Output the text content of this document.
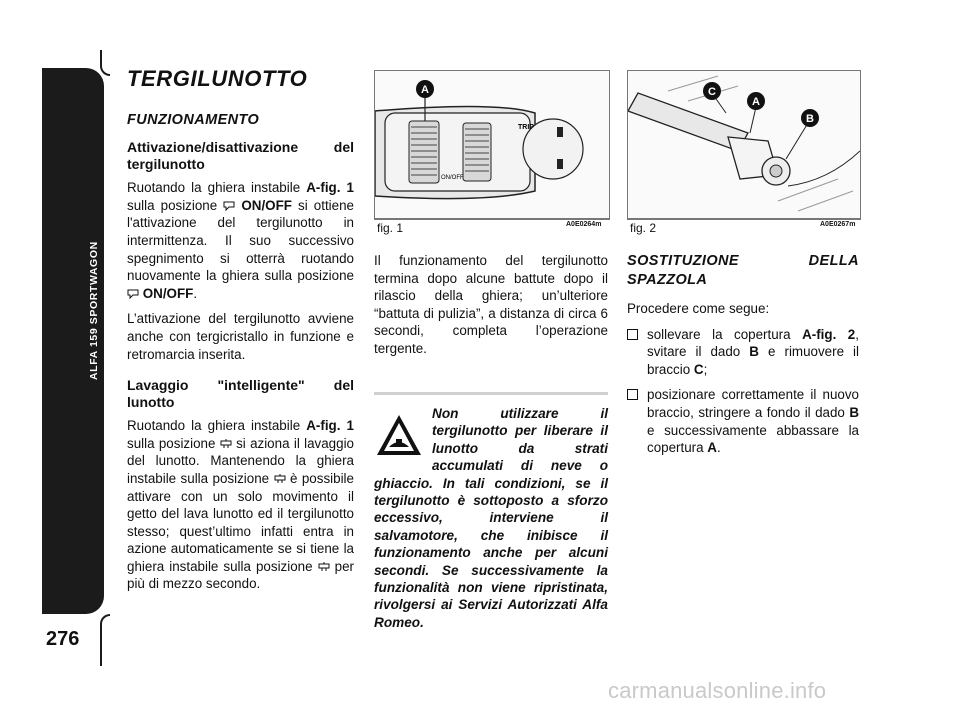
ALFA 159 SPORTWAGON
276
TERGILUNOTTO
FUNZIONAMENTO
Attivazione/disattivazione del tergilunotto

Ruotando la ghiera instabile A-fig. 1 sulla posizione  ON/OFF si ottiene l'attivazione del tergilunotto in intermittenza. Il suo successivo spegnimento si otterrà ruotando nuovamente la ghiera sulla posizione  ON/OFF.

L’attivazione del tergilunotto avviene anche con tergicristallo in funzione e retromarcia inserita.

Lavaggio "intelligente" del lunotto

Ruotando la ghiera instabile A-fig. 1 sulla posizione  si aziona il lavaggio del lunotto. Mantenendo la ghiera instabile sulla posizione  è possibile attivare con un solo movimento il getto del lava lunotto ed il tergilunotto stesso; quest’ultimo infatti entra in azione automaticamente se si tiene la ghiera instabile sulla posizione  per più di mezzo secondo.

TRIP
ON/OFF
A
fig. 1	A0E0264m
C
A
B
fig. 2	A0E0267m

Il funzionamento del tergilunotto termina dopo alcune battute dopo il rilascio della ghiera; un’ulteriore “battuta di pulizia”, a distanza di circa 6 secondi, completa l’operazione tergente.

Non utilizzare il tergilunotto per liberare il lunotto da strati accumulati di neve o ghiaccio. In tali condizioni, se il tergilunotto è sottoposto a sforzo eccessivo, interviene il salvamotore, che inibisce il funzionamento anche per alcuni secondi. Se successivamente la funzionalità non viene ripristinata, rivolgersi ai Servizi Autorizzati Alfa Romeo.
SOSTITUZIONE DELLA SPAZZOLA

Procedere come segue:

sollevare la copertura A-fig. 2, svitare il dado B e rimuovere il braccio C;
posizionare correttamente il nuovo braccio, stringere a fondo il dado B e successivamente abbassare la copertura A.
carmanualsonline.info
